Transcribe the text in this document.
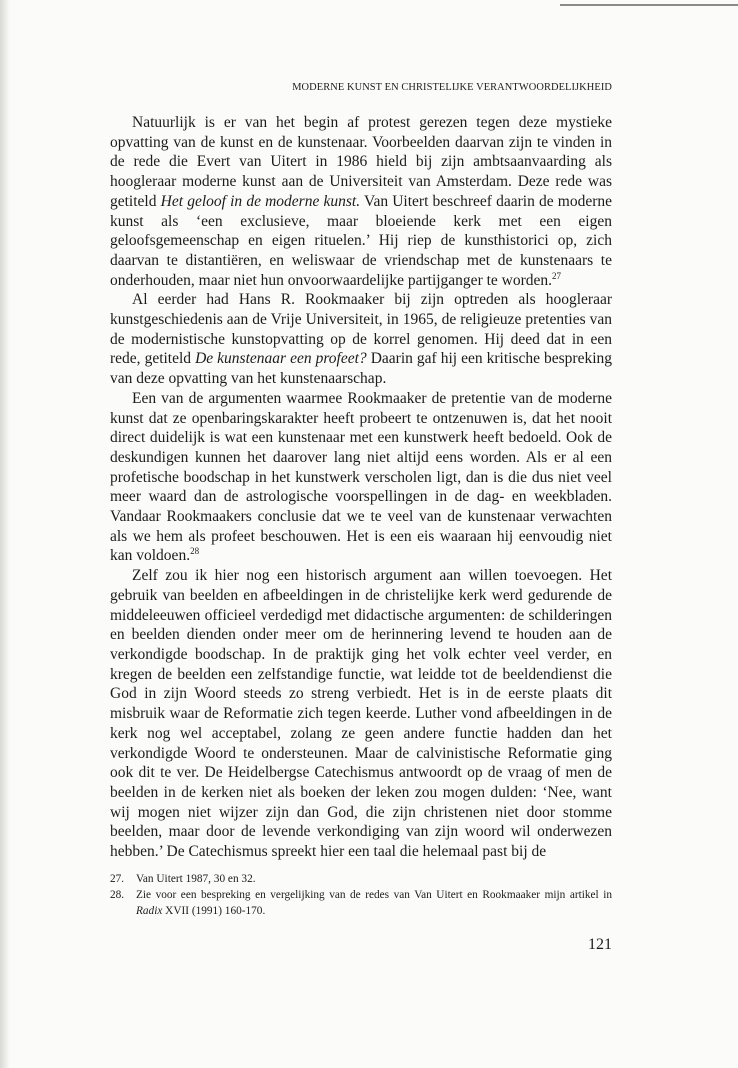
MODERNE KUNST EN CHRISTELIJKE VERANTWOORDELIJKHEID

Natuurlijk is er van het begin af protest gerezen tegen deze mystieke opvatting van de kunst en de kunstenaar. Voorbeelden daarvan zijn te vinden in de rede die Evert van Uitert in 1986 hield bij zijn ambtsaanvaarding als hoogleraar moderne kunst aan de Universiteit van Amsterdam. Deze rede was getiteld Het geloof in de moderne kunst. Van Uitert beschreef daarin de moderne kunst als ‘een exclusieve, maar bloeiende kerk met een eigen geloofsgemeenschap en eigen rituelen.’ Hij riep de kunsthistorici op, zich daarvan te distantiëren, en weliswaar de vriendschap met de kunstenaars te onderhouden, maar niet hun onvoorwaardelijke partijganger te worden.$^{27}$

Al eerder had Hans R. Rookmaaker bij zijn optreden als hoogleraar kunstgeschiedenis aan de Vrije Universiteit, in 1965, de religieuze pretenties van de modernistische kunstopvatting op de korrel genomen. Hij deed dat in een rede, getiteld De kunstenaar een profeet? Daarin gaf hij een kritische bespreking van deze opvatting van het kunstenaarschap.

Een van de argumenten waarmee Rookmaaker de pretentie van de moderne kunst dat ze openbaringskarakter heeft probeert te ontzenuwen is, dat het nooit direct duidelijk is wat een kunstenaar met een kunstwerk heeft bedoeld. Ook de deskundigen kunnen het daarover lang niet altijd eens worden. Als er al een profetische boodschap in het kunstwerk verscholen ligt, dan is die dus niet veel meer waard dan de astrologische voorspellingen in de dag- en weekbladen. Vandaar Rookmaakers conclusie dat we te veel van de kunstenaar verwachten als we hem als profeet beschouwen. Het is een eis waaraan hij eenvoudig niet kan voldoen.$^{28}$

Zelf zou ik hier nog een historisch argument aan willen toevoegen. Het gebruik van beelden en afbeeldingen in de christelijke kerk werd gedurende de middeleeuwen officieel verdedigd met didactische argumenten: de schilderingen en beelden dienden onder meer om de herinnering levend te houden aan de verkondigde boodschap. In de praktijk ging het volk echter veel verder, en kregen de beelden een zelfstandige functie, wat leidde tot de beeldendienst die God in zijn Woord steeds zo streng verbiedt. Het is in de eerste plaats dit misbruik waar de Reformatie zich tegen keerde. Luther vond afbeeldingen in de kerk nog wel acceptabel, zolang ze geen andere functie hadden dan het verkondigde Woord te ondersteunen. Maar de calvinistische Reformatie ging ook dit te ver. De Heidelbergse Catechismus antwoordt op de vraag of men de beelden in de kerken niet als boeken der leken zou mogen dulden: ‘Nee, want wij mogen niet wijzer zijn dan God, die zijn christenen niet door stomme beelden, maar door de levende verkondiging van zijn woord wil onderwezen hebben.’ De Catechismus spreekt hier een taal die helemaal past bij de

27.	Van Uitert 1987, 30 en 32.
28.	Zie voor een bespreking en vergelijking van de redes van Van Uitert en Rookmaaker mijn artikel in Radix XVII (1991) 160-170.
121
